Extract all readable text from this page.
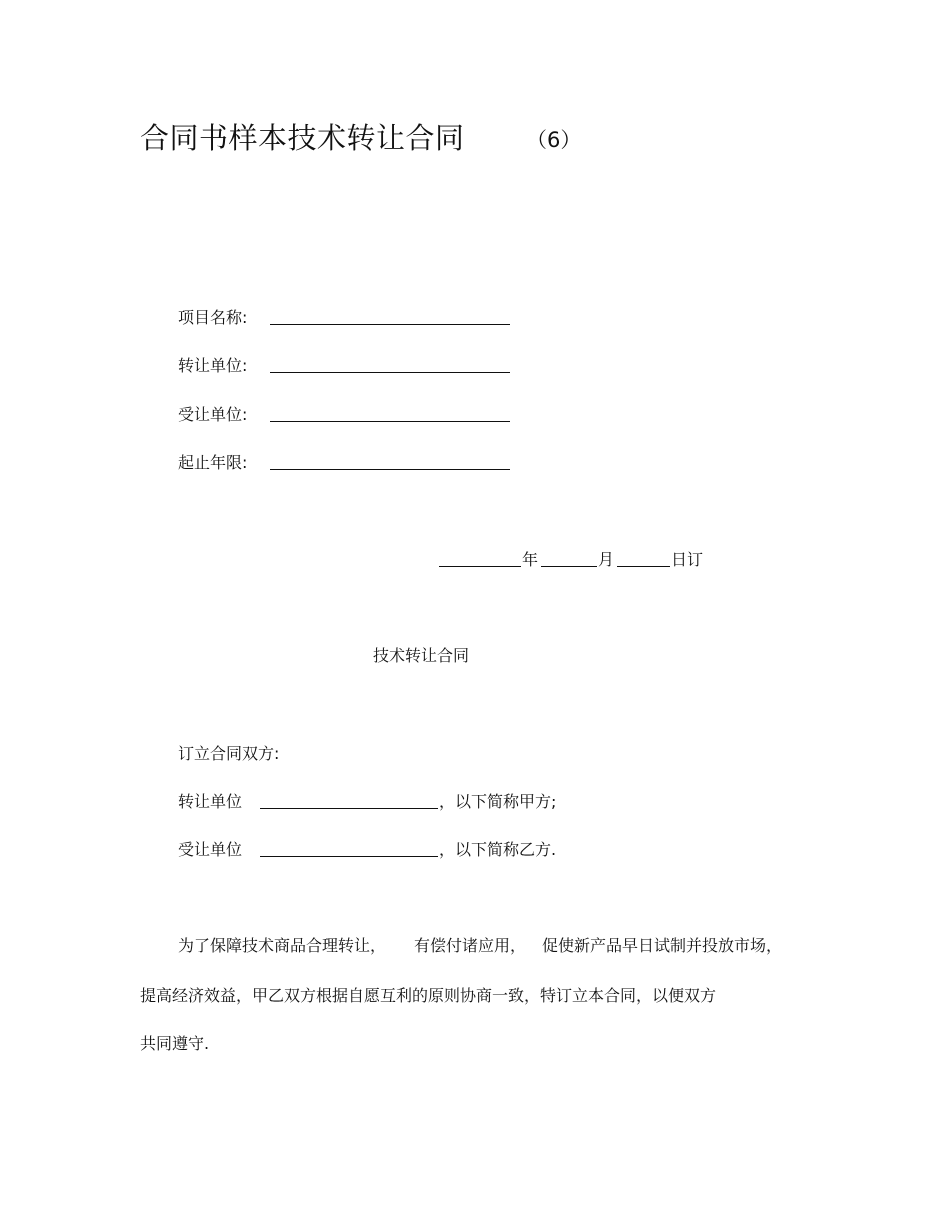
合同书样本技术转让合同	（6）
项目名称:
转让单位:
受让单位:
起止年限:
年	月	日订
技术转让合同
订立合同双方:
转让单位	，以下简称甲方;
受让单位	，以下简称乙方.
为了保障技术商品合理转让， 有偿付诸应用， 促使新产品早日试制并投放市场，
提高经济效益，甲乙双方根据自愿互利的原则协商一致，特订立本合同，以便双方
共同遵守.
